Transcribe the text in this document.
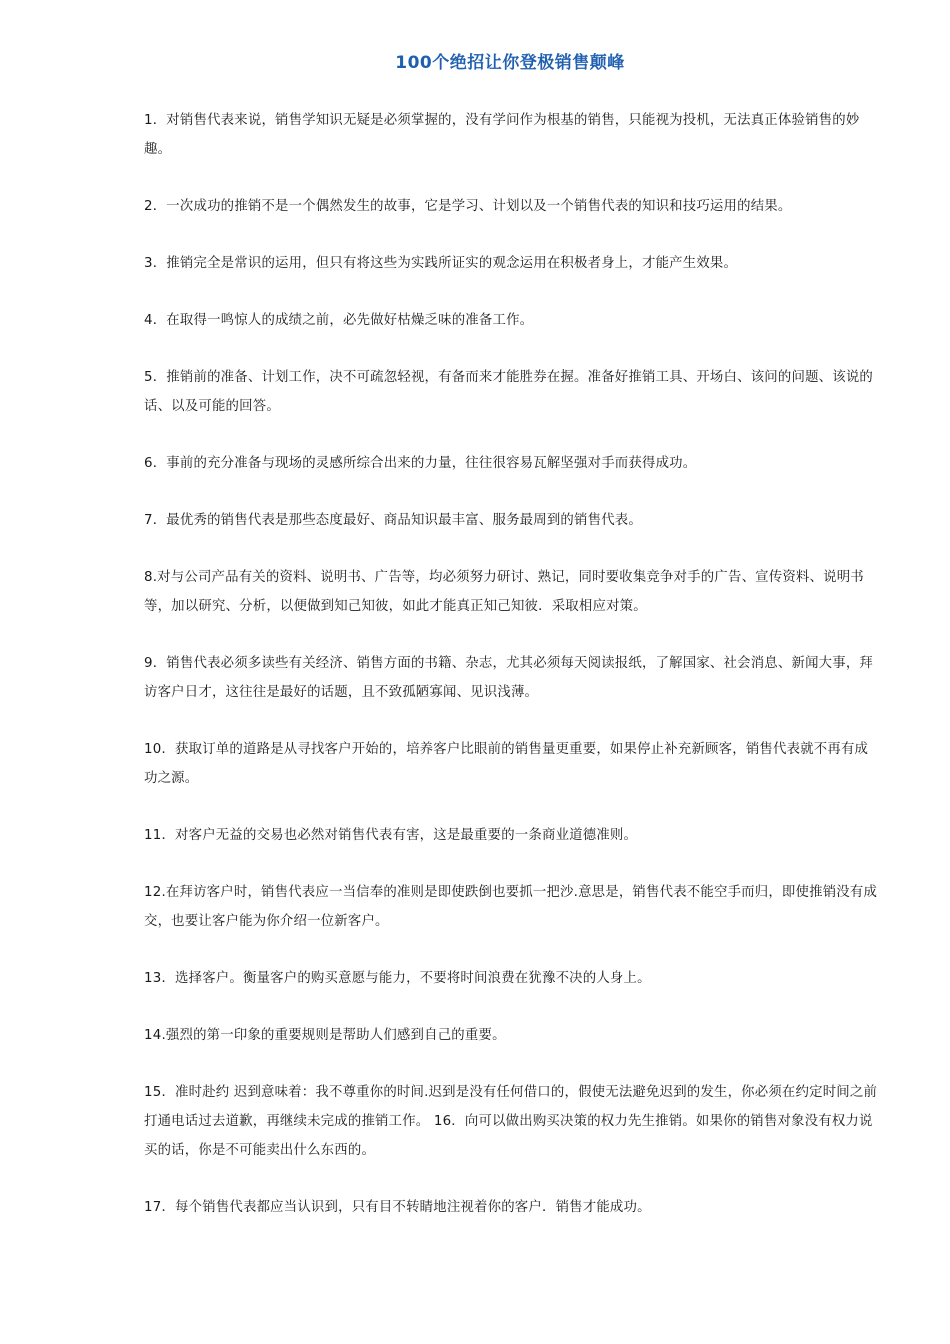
100个绝招让你登极销售颠峰

1．对销售代表来说，销售学知识无疑是必须掌握的，没有学问作为根基的销售，只能视为投机，无法真正体验销售的妙趣。

2．一次成功的推销不是一个偶然发生的故事，它是学习、计划以及一个销售代表的知识和技巧运用的结果。

3．推销完全是常识的运用，但只有将这些为实践所证实的观念运用在积极者身上，才能产生效果。

4．在取得一鸣惊人的成绩之前，必先做好枯燥乏味的准备工作。

5．推销前的准备、计划工作，决不可疏忽轻视，有备而来才能胜券在握。准备好推销工具、开场白、该问的问题、该说的话、以及可能的回答。

6．事前的充分准备与现场的灵感所综合出来的力量，往往很容易瓦解坚强对手而获得成功。

7．最优秀的销售代表是那些态度最好、商品知识最丰富、服务最周到的销售代表。

8.对与公司产品有关的资料、说明书、广告等，均必须努力研讨、熟记，同时要收集竞争对手的广告、宣传资料、说明书等，加以研究、分析，以便做到知己知彼，如此才能真正知己知彼．采取相应对策。

9．销售代表必须多读些有关经济、销售方面的书籍、杂志，尤其必须每天阅读报纸，了解国家、社会消息、新闻大事，拜访客户日才，这往往是最好的话题，且不致孤陋寡闻、见识浅薄。

10．获取订单的道路是从寻找客户开始的，培养客户比眼前的销售量更重要，如果停止补充新顾客，销售代表就不再有成功之源。

11．对客户无益的交易也必然对销售代表有害，这是最重要的一条商业道德准则。

12.在拜访客户时，销售代表应一当信奉的准则是即使跌倒也要抓一把沙.意思是，销售代表不能空手而归，即使推销没有成交，也要让客户能为你介绍一位新客户。

13．选择客户。衡量客户的购买意愿与能力，不要将时间浪费在犹豫不决的人身上。

14.强烈的第一印象的重要规则是帮助人们感到自己的重要。

15．准时赴约 迟到意味着：我不尊重你的时间.迟到是没有任何借口的，假使无法避免迟到的发生，你必须在约定时间之前打通电话过去道歉，再继续未完成的推销工作。 16．向可以做出购买决策的权力先生推销。如果你的销售对象没有权力说买的话，你是不可能卖出什么东西的。

17．每个销售代表都应当认识到，只有目不转睛地注视着你的客户．销售才能成功。
